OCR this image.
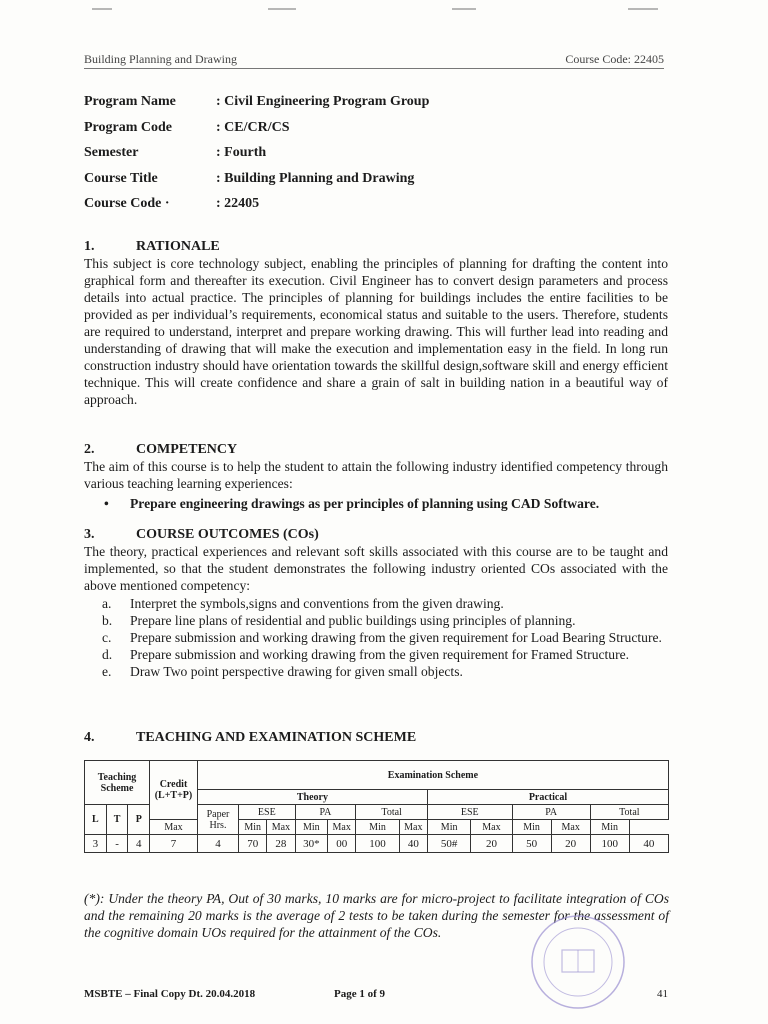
Building Planning and Drawing	Course Code: 22405
Program Name	: Civil Engineering Program Group
Program Code	: CE/CR/CS
Semester	: Fourth
Course Title	: Building Planning and Drawing
Course Code ·	: 22405
1.	RATIONALE

This subject is core technology subject, enabling the principles of planning for drafting the content into graphical form and thereafter its execution. Civil Engineer has to convert design parameters and process details into actual practice. The principles of planning for buildings includes the entire facilities to be provided as per individual’s requirements, economical status and suitable to the users. Therefore, students are required to understand, interpret and prepare working drawing. This will further lead into reading and understanding of drawing that will make the execution and implementation easy in the field. In long run construction industry should have orientation towards the skillful design,software skill and energy efficient technique. This will create confidence and share a grain of salt in building nation in a beautiful way of approach.

2.	COMPETENCY

The aim of this course is to help the student to attain the following industry identified competency through various teaching learning experiences:

•	Prepare engineering drawings as per principles of planning using CAD Software.
3.	COURSE OUTCOMES (COs)

The theory, practical experiences and relevant soft skills associated with this course are to be taught and implemented, so that the student demonstrates the following industry oriented COs associated with the above mentioned competency:

a.	Interpret the symbols,signs and conventions from the given drawing.
b.	Prepare line plans of residential and public buildings using principles of planning.
c.	Prepare submission and working drawing from the given requirement for Load Bearing Structure.
d.	Prepare submission and working drawing from the given requirement for Framed Structure.
e.	Draw Two point perspective drawing for given small objects.
4.	TEACHING AND EXAMINATION SCHEME
Teaching Scheme			Credit (L+T+P)	Examination Scheme												
				Theory							Practical					
L	T	P		Paper Hrs.	ESE		PA		Total		ESE		PA		Total	
			Max		Min	Max	Min	Max	Min	Max	Min	Max	Min	Max	Min	
3	-	4	7	4	70	28	30*	00	100	40	50#	20	50	20	100	40

(*): Under the theory PA, Out of 30 marks, 10 marks are for micro-project to facilitate integration of COs and the remaining 20 marks is the average of 2 tests to be taken during the semester for the assessment of the cognitive domain UOs required for the attainment of the COs.

MSBTE – Final Copy Dt. 20.04.2018	Page 1 of 9	41
